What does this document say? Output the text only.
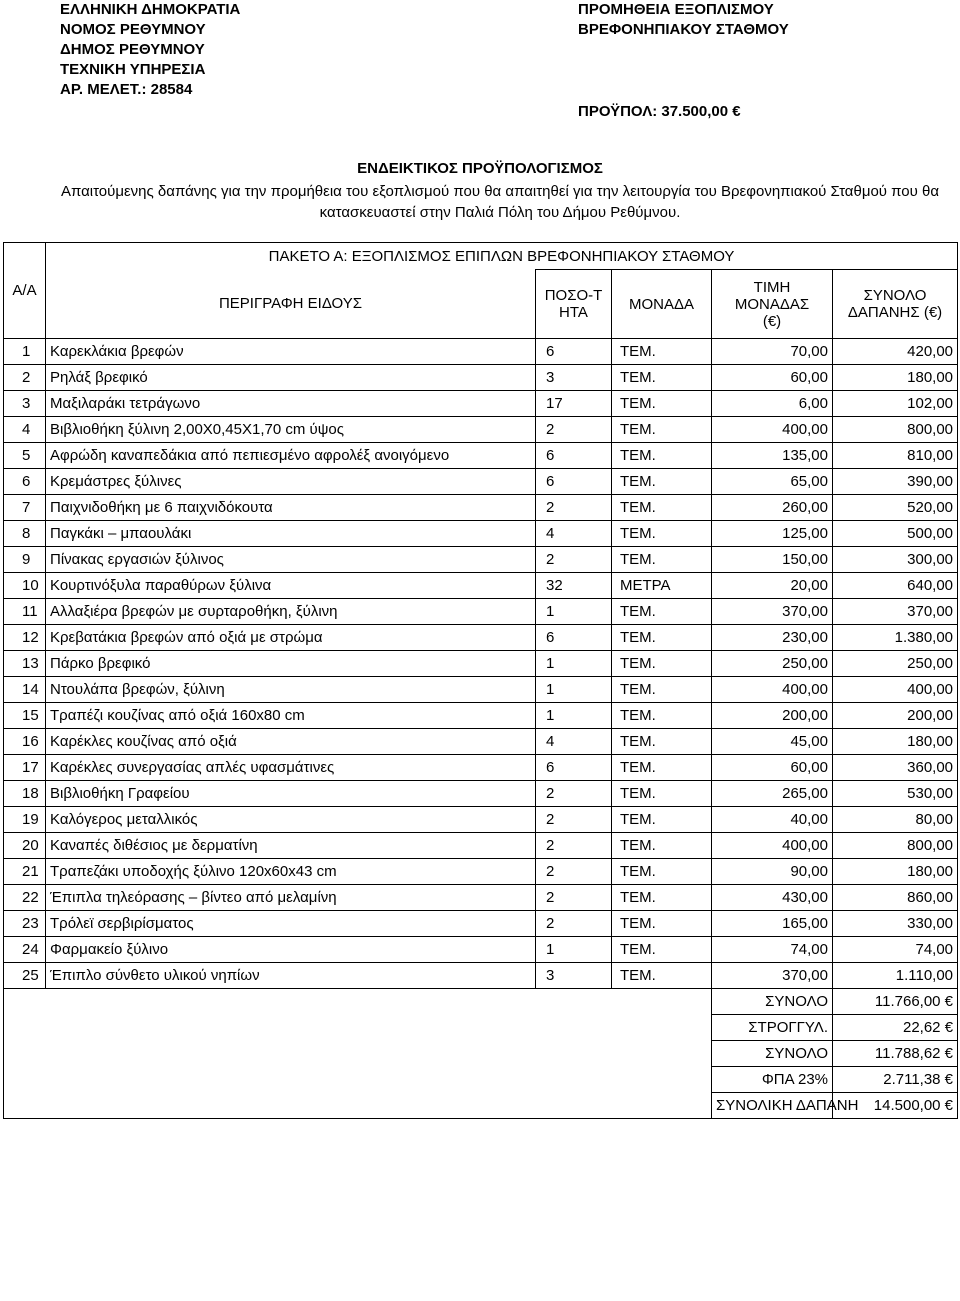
ΕΛΛΗΝΙΚΗ ΔΗΜΟΚΡΑΤΙΑ
ΝΟΜΟΣ ΡΕΘΥΜΝΟΥ
ΔΗΜΟΣ ΡΕΘΥΜΝΟΥ
ΤΕΧΝΙΚΗ ΥΠΗΡΕΣΙΑ
ΑΡ. ΜΕΛΕΤ.: 28584
ΠΡΟΜΗΘΕΙΑ ΕΞΟΠΛΙΣΜΟΥ
ΒΡΕΦΟΝΗΠΙΑΚΟΥ ΣΤΑΘΜΟΥ
ΠΡΟΫΠΟΛ: 37.500,00 €
ΕΝΔΕΙΚΤΙΚΟΣ ΠΡΟΫΠΟΛΟΓΙΣΜΟΣ
Απαιτούμενης δαπάνης για την προμήθεια του εξοπλισμού που θα απαιτηθεί για την λειτουργία του Βρεφονηπιακού Σταθμού που θα κατασκευαστεί στην Παλιά Πόλη του Δήμου Ρεθύμνου.
Α/Α	ΠΑΚΕΤΟ Α: ΕΞΟΠΛΙΣΜΟΣ ΕΠΙΠΛΩΝ ΒΡΕΦΟΝΗΠΙΑΚΟΥ ΣΤΑΘΜΟΥ				
	ΠΕΡΙΓΡΑΦΗ ΕΙΔΟΥΣ	ΠΟΣΟ-ΤΗΤΑ	ΜΟΝΑΔΑ	ΤΙΜΗ ΜΟΝΑΔΑΣ (€)	ΣΥΝΟΛΟ ΔΑΠΑΝΗΣ (€)
1	Καρεκλάκια βρεφών	6	ΤΕΜ.	70,00	420,00
2	Ρηλάξ βρεφικό	3	ΤΕΜ.	60,00	180,00
3	Μαξιλαράκι τετράγωνο	17	ΤΕΜ.	6,00	102,00
4	Βιβλιοθήκη ξύλινη 2,00Χ0,45Χ1,70 cm ύψος	2	ΤΕΜ.	400,00	800,00
5	Αφρώδη καναπεδάκια από πεπιεσμένο αφρολέξ ανοιγόμενο	6	ΤΕΜ.	135,00	810,00
6	Κρεμάστρες ξύλινες	6	ΤΕΜ.	65,00	390,00
7	Παιχνιδοθήκη με 6 παιχνιδόκουτα	2	ΤΕΜ.	260,00	520,00
8	Παγκάκι – μπαουλάκι	4	ΤΕΜ.	125,00	500,00
9	Πίνακας εργασιών ξύλινος	2	ΤΕΜ.	150,00	300,00
10	Κουρτινόξυλα παραθύρων ξύλινα	32	ΜΕΤΡΑ	20,00	640,00
11	Αλλαξιέρα βρεφών με συρταροθήκη, ξύλινη	1	ΤΕΜ.	370,00	370,00
12	Κρεβατάκια βρεφών από οξιά με στρώμα	6	ΤΕΜ.	230,00	1.380,00
13	Πάρκο βρεφικό	1	ΤΕΜ.	250,00	250,00
14	Ντουλάπα βρεφών, ξύλινη	1	ΤΕΜ.	400,00	400,00
15	Τραπέζι κουζίνας από οξιά 160x80 cm	1	ΤΕΜ.	200,00	200,00
16	Καρέκλες κουζίνας από οξιά	4	ΤΕΜ.	45,00	180,00
17	Καρέκλες συνεργασίας απλές υφασμάτινες	6	ΤΕΜ.	60,00	360,00
18	Βιβλιοθήκη Γραφείου	2	ΤΕΜ.	265,00	530,00
19	Καλόγερος μεταλλικός	2	ΤΕΜ.	40,00	80,00
20	Καναπές διθέσιος με δερματίνη	2	ΤΕΜ.	400,00	800,00
21	Τραπεζάκι υποδοχής ξύλινο 120x60x43 cm	2	ΤΕΜ.	90,00	180,00
22	Έπιπλα τηλεόρασης – βίντεο από μελαμίνη	2	ΤΕΜ.	430,00	860,00
23	Τρόλεϊ σερβιρίσματος	2	ΤΕΜ.	165,00	330,00
24	Φαρμακείο ξύλινο	1	ΤΕΜ.	74,00	74,00
25	Έπιπλο σύνθετο υλικού νηπίων	3	ΤΕΜ.	370,00	1.110,00
				ΣΥΝΟΛΟ	11.766,00 €
				ΣΤΡΟΓΓΥΛ.	22,62 €
				ΣΥΝΟΛΟ	11.788,62 €
				ΦΠΑ 23%	2.711,38 €
				ΣΥΝΟΛΙΚΗ ΔΑΠΑΝΗ	14.500,00 €
